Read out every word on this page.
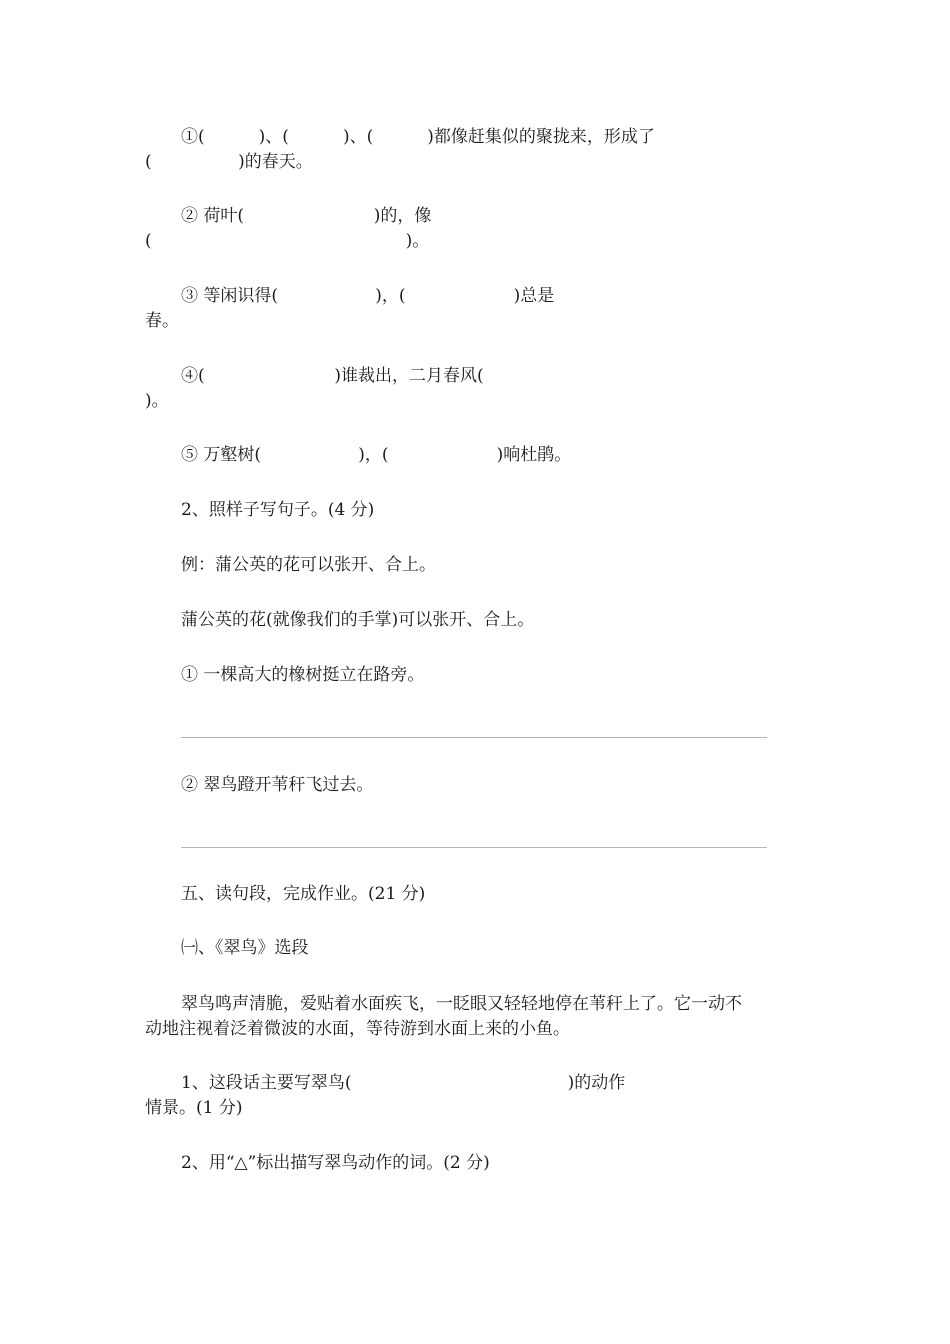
①(          )、(          )、(          )都像赶集似的聚拢来，形成了
(                )的春天。
② 荷叶(                        )的，像
(                                               )。
③ 等闲识得(                  )，(                    )总是
春。
④(                        )谁裁出，二月春风(
)。
⑤ 万壑树(                  )，(                    )响杜鹃。
2、照样子写句子。(4 分)
例：蒲公英的花可以张开、合上。
蒲公英的花(就像我们的手掌)可以张开、合上。
① 一棵高大的橡树挺立在路旁。
② 翠鸟蹬开苇秆飞过去。
五、读句段，完成作业。(21 分)
㈠、《翠鸟》选段
翠鸟鸣声清脆，爱贴着水面疾飞，一眨眼又轻轻地停在苇秆上了。它一动不
动地注视着泛着微波的水面，等待游到水面上来的小鱼。
1、这段话主要写翠鸟(                                        )的动作
情景。(1 分)
2、用“△”标出描写翠鸟动作的词。(2 分)
